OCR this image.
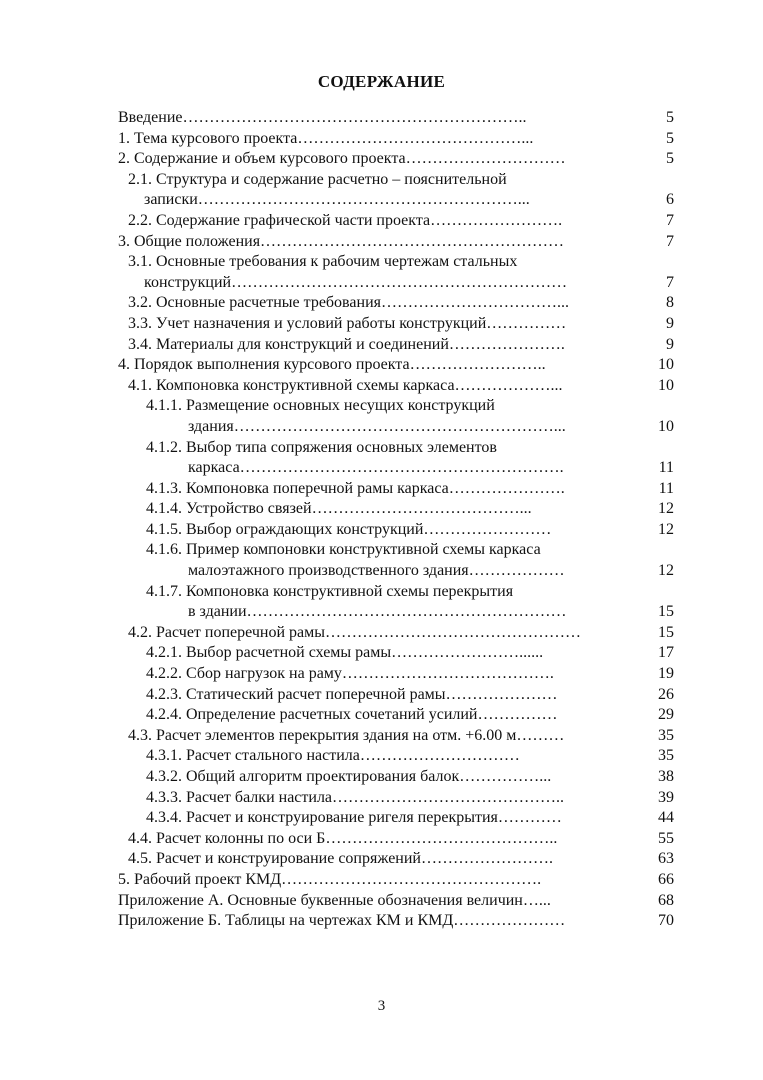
СОДЕРЖАНИЕ
Введение………………………………………………………..	5
1. Тема курсового проекта……………………………………...	5
2. Содержание и объем курсового проекта…………………………	5
2.1. Структура и содержание расчетно – пояснительной
записки……………………………………………………...	6
2.2. Содержание графической части проекта…………………….	7
3. Общие положения…………………………………………………	7
3.1. Основные требования к рабочим чертежам стальных
конструкций………………………………………………………	7
3.2. Основные расчетные требования……………………………...	8
3.3. Учет назначения и условий работы конструкций……………	9
3.4. Материалы для конструкций и соединений………………….	9
4. Порядок выполнения курсового проекта……………………..	10
4.1. Компоновка конструктивной схемы каркаса………………...	10
4.1.1. Размещение основных несущих конструкций
здания……………………………………………………...	10
4.1.2. Выбор типа сопряжения основных элементов
каркаса…………………………………………………….	11
4.1.3. Компоновка поперечной рамы каркаса………………….	11
4.1.4. Устройство связей…………………………………...	12
4.1.5. Выбор ограждающих конструкций……………………	12
4.1.6. Пример компоновки конструктивной схемы каркаса
малоэтажного производственного здания………………	12
4.1.7. Компоновка конструктивной схемы перекрытия
в здании……………………………………………………	15
4.2. Расчет поперечной рамы…………………………………………	15
4.2.1. Выбор расчетной схемы рамы……………………......	17
4.2.2. Сбор нагрузок на раму………………………………….	19
4.2.3. Статический расчет поперечной рамы…………………	26
4.2.4. Определение расчетных сочетаний усилий……………	29
4.3. Расчет элементов перекрытия здания на отм. +6.00 м………	35
4.3.1. Расчет стального настила…………………………	35
4.3.2. Общий алгоритм проектирования балок……………...	38
4.3.3. Расчет балки настила……………………………………..	39
4.3.4. Расчет и конструирование ригеля перекрытия…………	44
4.4. Расчет колонны по оси Б……………………………………..	55
4.5. Расчет и конструирование сопряжений…………………….	63
5. Рабочий проект КМД………………………………………….	66
Приложение А. Основные буквенные обозначения величин…...	68
Приложение Б. Таблицы на чертежах КМ и КМД…………………	70
3
